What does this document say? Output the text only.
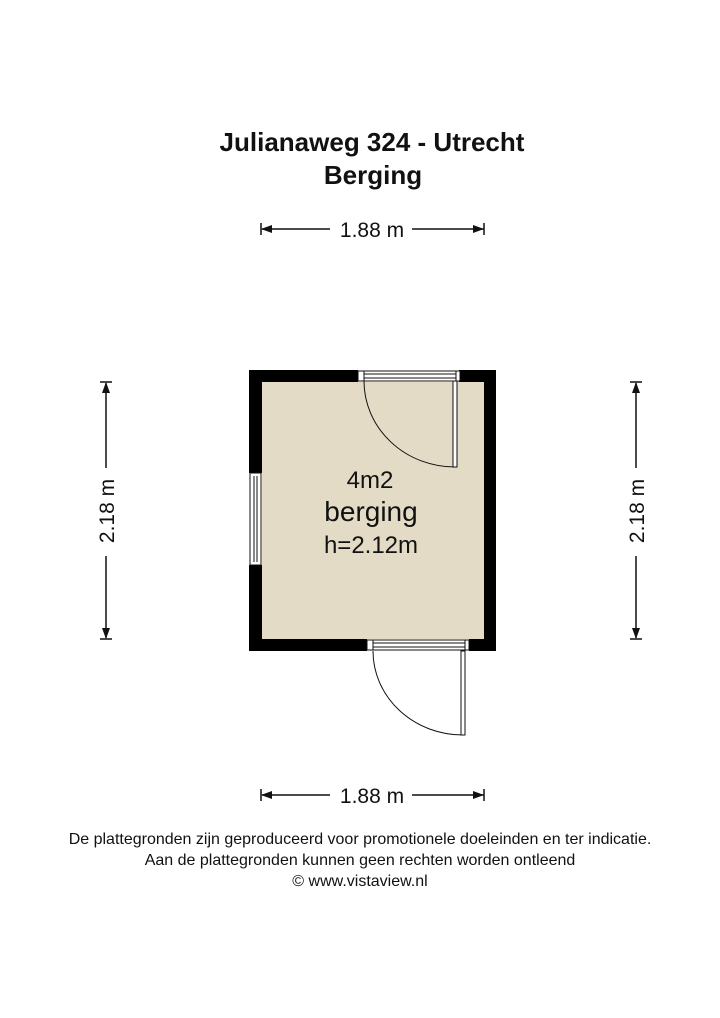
Julianaweg 324 - Utrecht
Berging
1.88 m
1.88 m
2.18 m	2.18 m
4m2
berging
h=2.12m
De plattegronden zijn geproduceerd voor promotionele doeleinden en ter indicatie.
Aan de plattegronden kunnen geen rechten worden ontleend
© www.vistaview.nl
